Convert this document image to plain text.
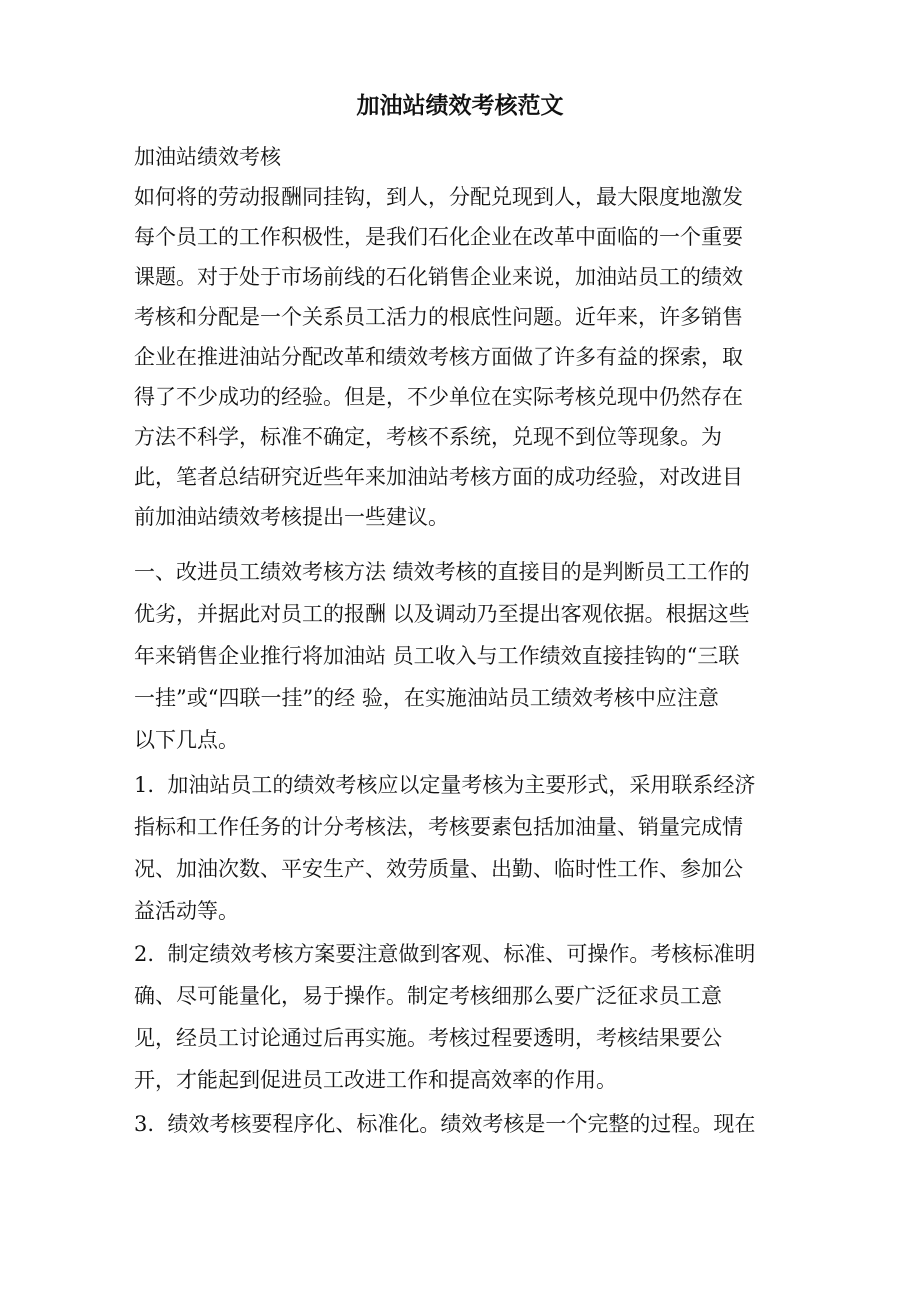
加油站绩效考核范文
加油站绩效考核
如何将的劳动报酬同挂钩，到人，分配兑现到人，最大限度地激发
每个员工的工作积极性，是我们石化企业在改革中面临的一个重要
课题。对于处于市场前线的石化销售企业来说，加油站员工的绩效
考核和分配是一个关系员工活力的根底性问题。近年来，许多销售
企业在推进油站分配改革和绩效考核方面做了许多有益的探索，取
得了不少成功的经验。但是，不少单位在实际考核兑现中仍然存在
方法不科学，标准不确定，考核不系统，兑现不到位等现象。为
此，笔者总结研究近些年来加油站考核方面的成功经验，对改进目
前加油站绩效考核提出一些建议。
一、改进员工绩效考核方法 绩效考核的直接目的是判断员工工作的
优劣，并据此对员工的报酬 以及调动乃至提出客观依据。根据这些
年来销售企业推行将加油站 员工收入与工作绩效直接挂钩的“三联
一挂”或“四联一挂”的经 验，在实施油站员工绩效考核中应注意
以下几点。
1.  加油站员工的绩效考核应以定量考核为主要形式，采用联系经济
指标和工作任务的计分考核法，考核要素包括加油量、销量完成情
况、加油次数、平安生产、效劳质量、出勤、临时性工作、参加公
益活动等。
2.  制定绩效考核方案要注意做到客观、标准、可操作。考核标准明
确、尽可能量化，易于操作。制定考核细那么要广泛征求员工意
见，经员工讨论通过后再实施。考核过程要透明，考核结果要公
开，才能起到促进员工改进工作和提高效率的作用。
3.  绩效考核要程序化、标准化。绩效考核是一个完整的过程。现在
